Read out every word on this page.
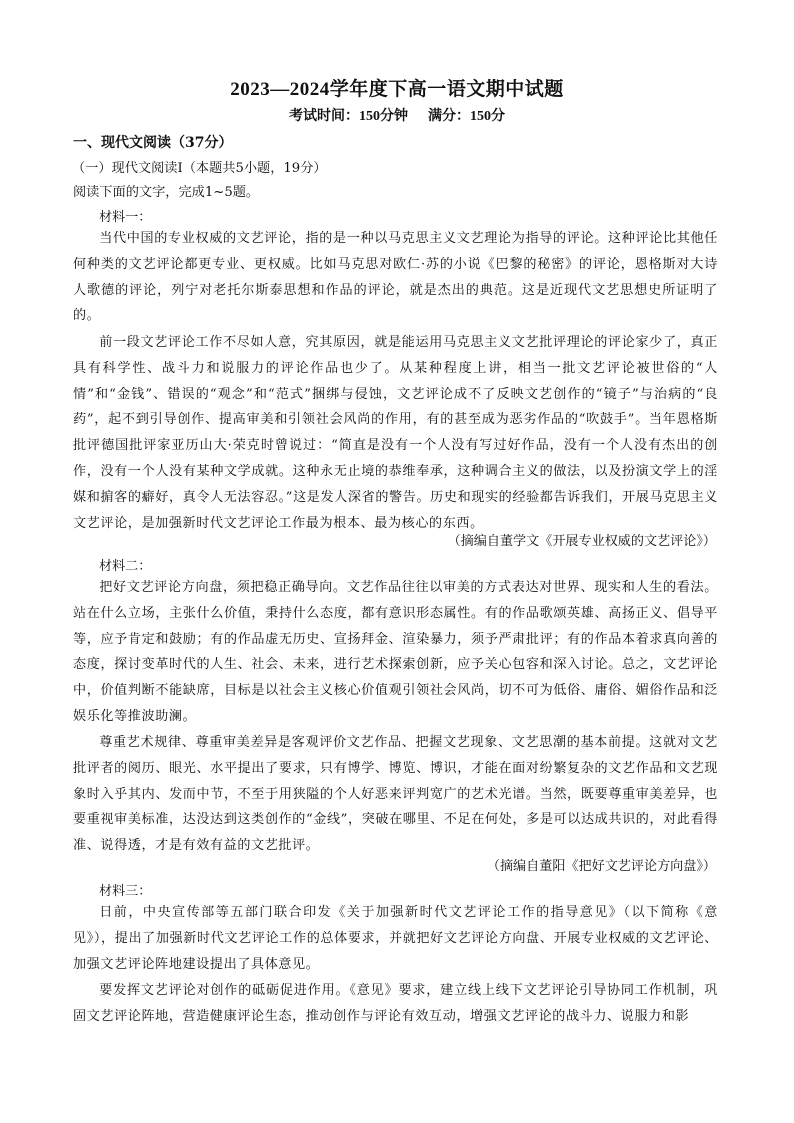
2023—2024学年度下高一语文期中试题
考试时间：150分钟 满分：150分
一、现代文阅读（37分）
（一）现代文阅读Ⅰ（本题共5小题，19分）
阅读下面的文字，完成1~5题。
材料一：

当代中国的专业权威的文艺评论，指的是一种以马克思主义文艺理论为指导的评论。这种评论比其他任何种类的文艺评论都更专业、更权威。比如马克思对欧仁·苏的小说《巴黎的秘密》的评论，恩格斯对大诗人歌德的评论，列宁对老托尔斯泰思想和作品的评论，就是杰出的典范。这是近现代文艺思想史所证明了的。

前一段文艺评论工作不尽如人意，究其原因，就是能运用马克思主义文艺批评理论的评论家少了，真正具有科学性、战斗力和说服力的评论作品也少了。从某种程度上讲，相当一批文艺评论被世俗的“人情”和“金钱”、错误的“观念”和“范式”捆绑与侵蚀，文艺评论成不了反映文艺创作的“镜子”与治病的“良药”，起不到引导创作、提高审美和引领社会风尚的作用，有的甚至成为恶劣作品的“吹鼓手”。当年恩格斯批评德国批评家亚历山大·荣克时曾说过：“简直是没有一个人没有写过好作品，没有一个人没有杰出的创作，没有一个人没有某种文学成就。这种永无止境的恭维奉承，这种调合主义的做法，以及扮演文学上的淫媒和掮客的癖好，真令人无法容忍。”这是发人深省的警告。历史和现实的经验都告诉我们，开展马克思主义文艺评论，是加强新时代文艺评论工作最为根本、最为核心的东西。

（摘编自董学文《开展专业权威的文艺评论》）
材料二：

把好文艺评论方向盘，须把稳正确导向。文艺作品往往以审美的方式表达对世界、现实和人生的看法。站在什么立场，主张什么价值，秉持什么态度，都有意识形态属性。有的作品歌颂英雄、高扬正义、倡导平等，应予肯定和鼓励；有的作品虚无历史、宣扬拜金、渲染暴力，须予严肃批评；有的作品本着求真向善的态度，探讨变革时代的人生、社会、未来，进行艺术探索创新，应予关心包容和深入讨论。总之，文艺评论中，价值判断不能缺席，目标是以社会主义核心价值观引领社会风尚，切不可为低俗、庸俗、媚俗作品和泛娱乐化等推波助澜。

尊重艺术规律、尊重审美差异是客观评价文艺作品、把握文艺现象、文艺思潮的基本前提。这就对文艺批评者的阅历、眼光、水平提出了要求，只有博学、博览、博识，才能在面对纷繁复杂的文艺作品和文艺现象时入乎其内、发而中节，不至于用狭隘的个人好恶来评判宽广的艺术光谱。当然，既要尊重审美差异，也要重视审美标准，达没达到这类创作的“金线”，突破在哪里、不足在何处，多是可以达成共识的，对此看得准、说得透，才是有效有益的文艺批评。

（摘编自董阳《把好文艺评论方向盘》）
材料三：

日前，中央宣传部等五部门联合印发《关于加强新时代文艺评论工作的指导意见》（以下简称《意见》），提出了加强新时代文艺评论工作的总体要求，并就把好文艺评论方向盘、开展专业权威的文艺评论、加强文艺评论阵地建设提出了具体意见。

要发挥文艺评论对创作的砥砺促进作用。《意见》要求，建立线上线下文艺评论引导协同工作机制，巩固文艺评论阵地，营造健康评论生态，推动创作与评论有效互动，增强文艺评论的战斗力、说服力和影
